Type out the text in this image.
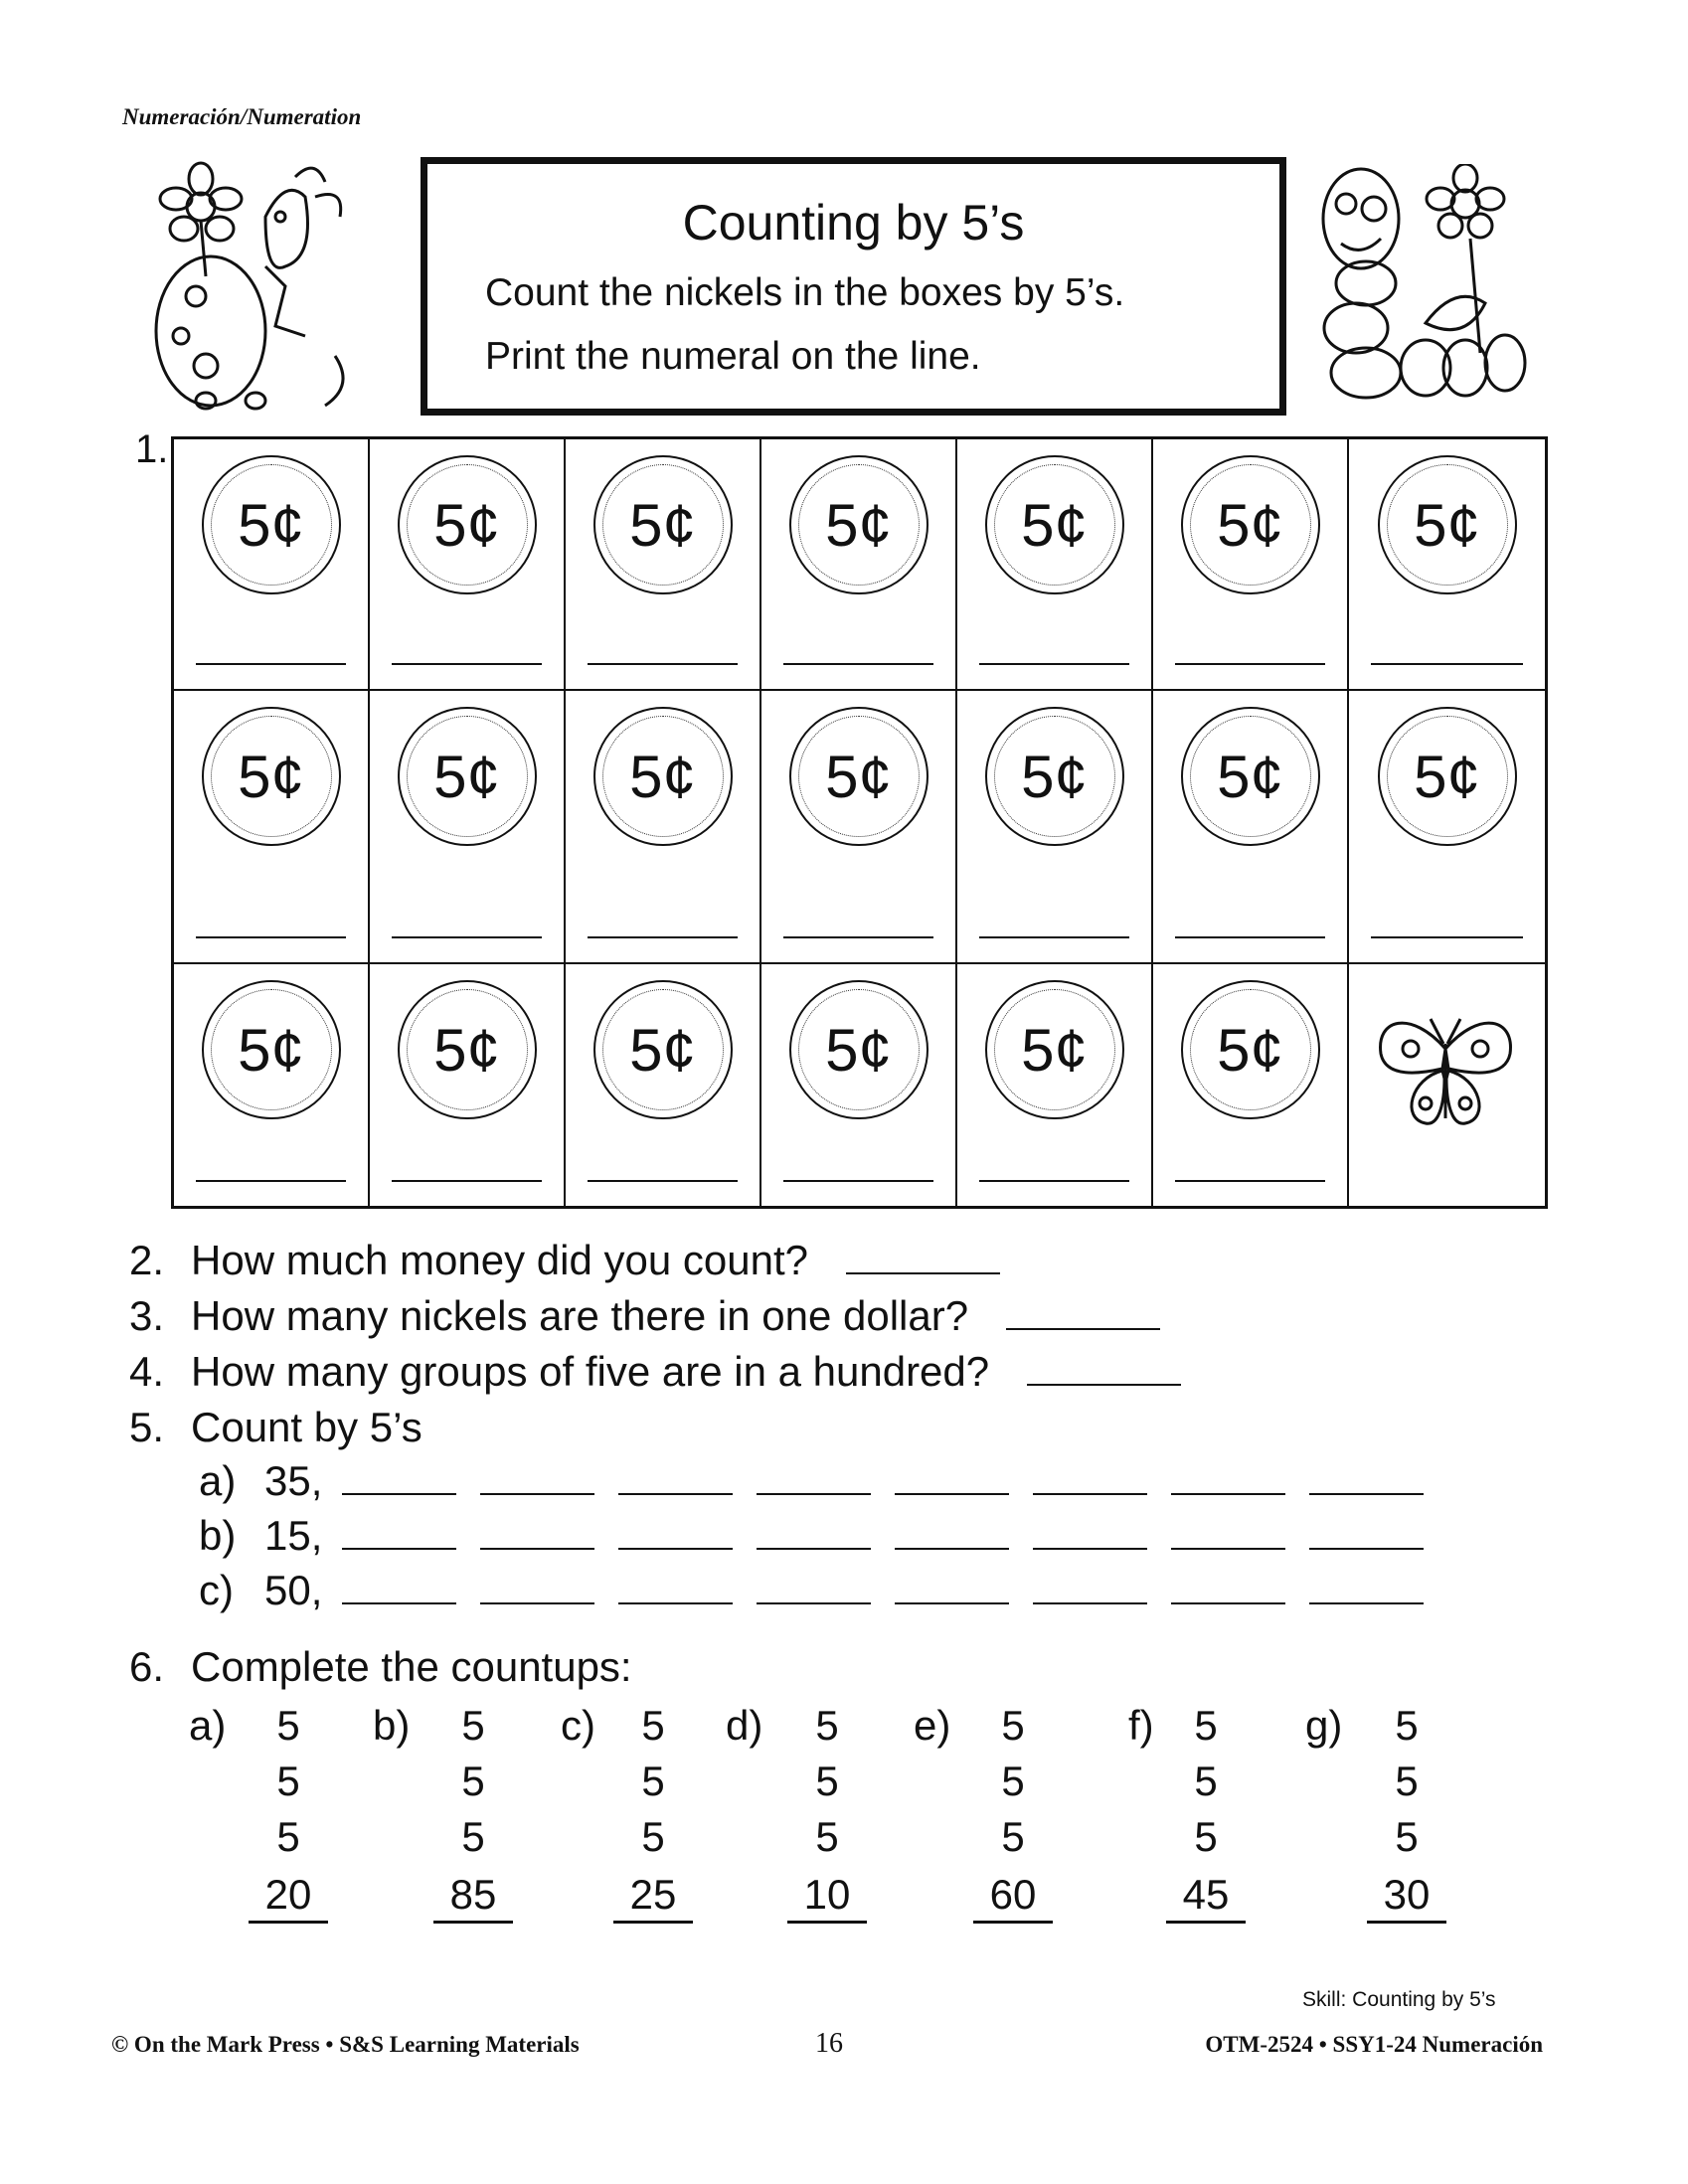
Numeración/Numeration
Counting by 5’s
Count the nickels in the boxes by 5’s.
Print the numeral on the line.
1.
5¢	5¢	5¢	5¢	5¢	5¢	5¢
5¢	5¢	5¢	5¢	5¢	5¢	5¢
5¢	5¢	5¢	5¢	5¢	5¢
2. How much money did you count?
3. How many nickels are there in one dollar?
4. How many groups of five are in a hundred?
5. Count by 5’s
a) 35,
b) 15,
c) 50,
6. Complete the countups:
a)	5
5
5
20
b)	5
5
5
85
c)	5
5
5
25
d)	5
5
5
10
e)	5
5
5
60
f) 5
5
5
45
g)	5
5
5
30
Skill: Counting by 5’s
© On the Mark Press • S&S Learning Materials	16	OTM-2524 • SSY1-24 Numeración
